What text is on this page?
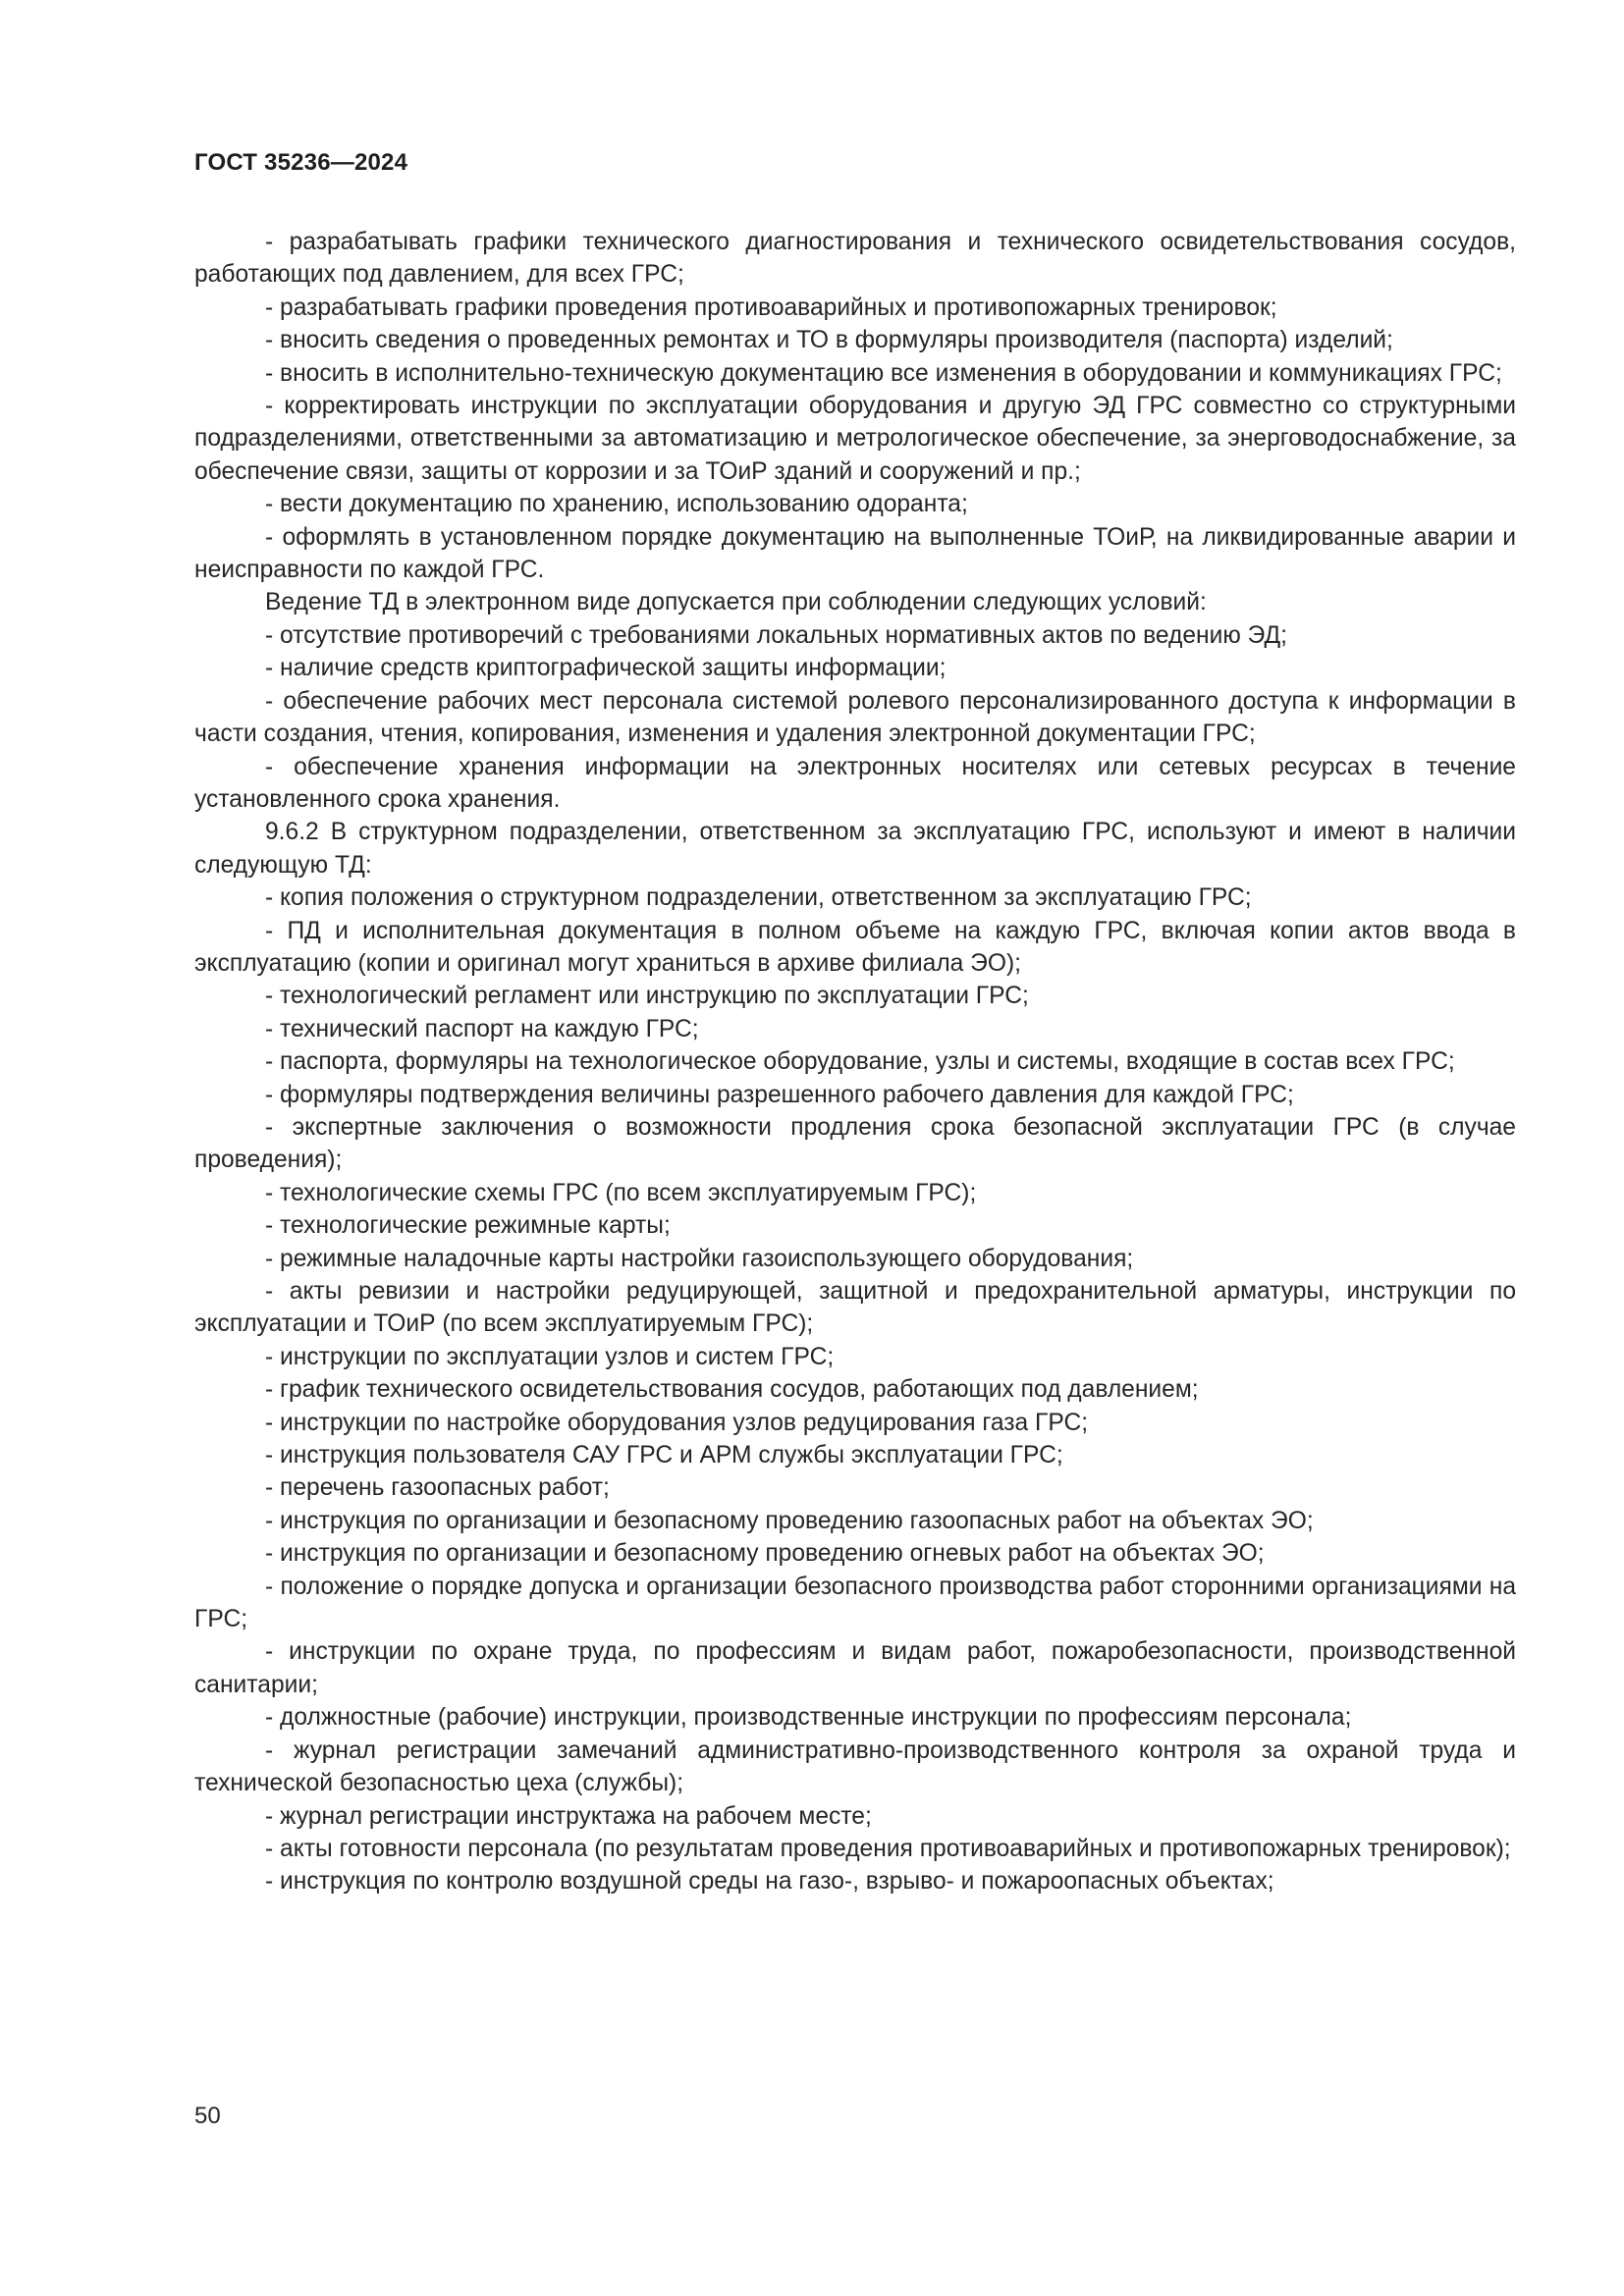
ГОСТ 35236—2024

- разрабатывать графики технического диагностирования и технического освидетельствования сосудов, работающих под давлением, для всех ГРС;

- разрабатывать графики проведения противоаварийных и противопожарных тренировок;

- вносить сведения о проведенных ремонтах и ТО в формуляры производителя (паспорта) изделий;

- вносить в исполнительно-техническую документацию все изменения в оборудовании и коммуникациях ГРС;

- корректировать инструкции по эксплуатации оборудования и другую ЭД ГРС совместно со структурными подразделениями, ответственными за автоматизацию и метрологическое обеспечение, за энерговодоснабжение, за обеспечение связи, защиты от коррозии и за ТОиР зданий и сооружений и пр.;

- вести документацию по хранению, использованию одоранта;

- оформлять в установленном порядке документацию на выполненные ТОиР, на ликвидированные аварии и неисправности по каждой ГРС.

Ведение ТД в электронном виде допускается при соблюдении следующих условий:

- отсутствие противоречий с требованиями локальных нормативных актов по ведению ЭД;

- наличие средств криптографической защиты информации;

- обеспечение рабочих мест персонала системой ролевого персонализированного доступа к информации в части создания, чтения, копирования, изменения и удаления электронной документации ГРС;

- обеспечение хранения информации на электронных носителях или сетевых ресурсах в течение установленного срока хранения.

9.6.2 В структурном подразделении, ответственном за эксплуатацию ГРС, используют и имеют в наличии следующую ТД:

- копия положения о структурном подразделении, ответственном за эксплуатацию ГРС;

- ПД и исполнительная документация в полном объеме на каждую ГРС, включая копии актов ввода в эксплуатацию (копии и оригинал могут храниться в архиве филиала ЭО);

- технологический регламент или инструкцию по эксплуатации ГРС;

- технический паспорт на каждую ГРС;

- паспорта, формуляры на технологическое оборудование, узлы и системы, входящие в состав всех ГРС;

- формуляры подтверждения величины разрешенного рабочего давления для каждой ГРС;

- экспертные заключения о возможности продления срока безопасной эксплуатации ГРС (в случае проведения);

- технологические схемы ГРС (по всем эксплуатируемым ГРС);

- технологические режимные карты;

- режимные наладочные карты настройки газоиспользующего оборудования;

- акты ревизии и настройки редуцирующей, защитной и предохранительной арматуры, инструкции по эксплуатации и ТОиР (по всем эксплуатируемым ГРС);

- инструкции по эксплуатации узлов и систем ГРС;

- график технического освидетельствования сосудов, работающих под давлением;

- инструкции по настройке оборудования узлов редуцирования газа ГРС;

- инструкция пользователя САУ ГРС и АРМ службы эксплуатации ГРС;

- перечень газоопасных работ;

- инструкция по организации и безопасному проведению газоопасных работ на объектах ЭО;

- инструкция по организации и безопасному проведению огневых работ на объектах ЭО;

- положение о порядке допуска и организации безопасного производства работ сторонними организациями на ГРС;

- инструкции по охране труда, по профессиям и видам работ, пожаробезопасности, производственной санитарии;

- должностные (рабочие) инструкции, производственные инструкции по профессиям персонала;

- журнал регистрации замечаний административно-производственного контроля за охраной труда и технической безопасностью цеха (службы);

- журнал регистрации инструктажа на рабочем месте;

- акты готовности персонала (по результатам проведения противоаварийных и противопожарных тренировок);

- инструкция по контролю воздушной среды на газо-, взрыво- и пожароопасных объектах;

50
